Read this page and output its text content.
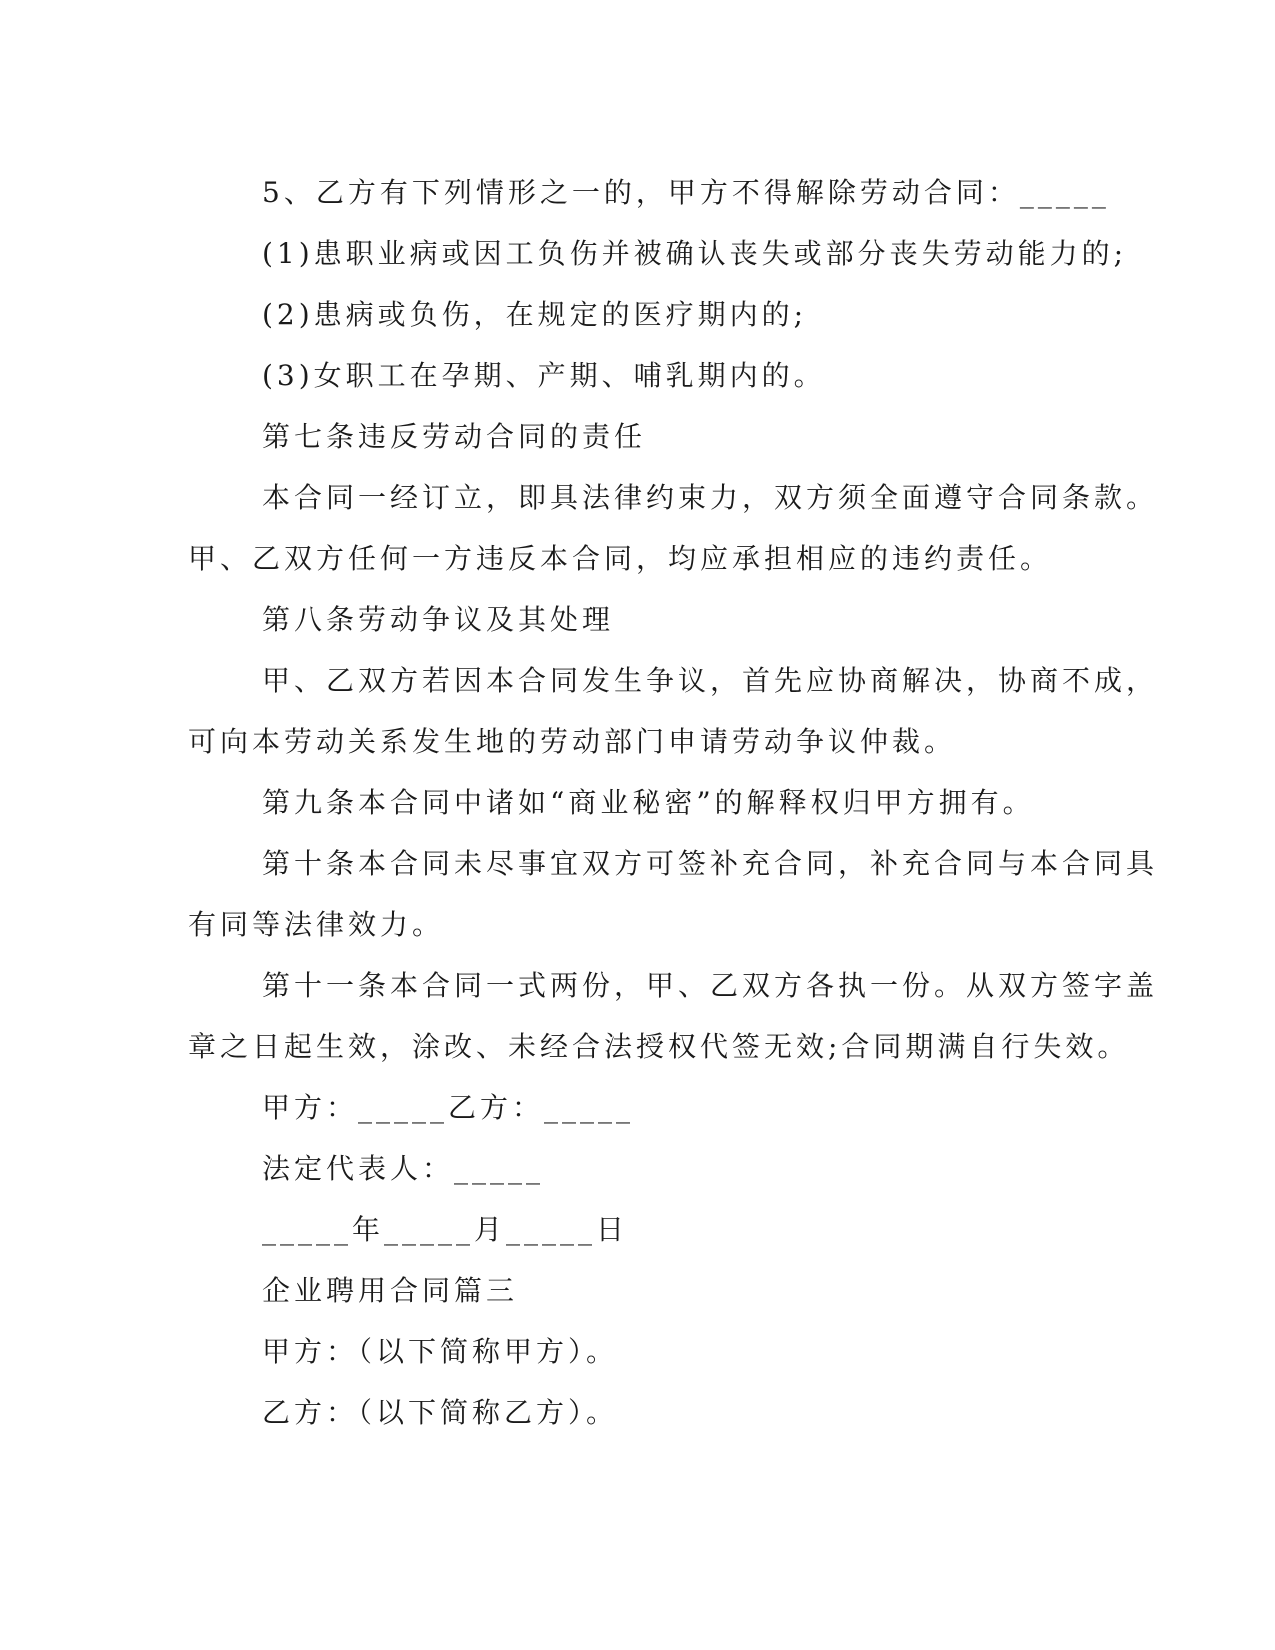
5、乙方有下列情形之一的，甲方不得解除劳动合同：_____

(1)患职业病或因工负伤并被确认丧失或部分丧失劳动能力的;

(2)患病或负伤，在规定的医疗期内的;

(3)女职工在孕期、产期、哺乳期内的。

第七条违反劳动合同的责任

本合同一经订立，即具法律约束力，双方须全面遵守合同条款。

甲、乙双方任何一方违反本合同，均应承担相应的违约责任。

第八条劳动争议及其处理

甲、乙双方若因本合同发生争议，首先应协商解决，协商不成，

可向本劳动关系发生地的劳动部门申请劳动争议仲裁。

第九条本合同中诸如“商业秘密”的解释权归甲方拥有。

第十条本合同未尽事宜双方可签补充合同，补充合同与本合同具

有同等法律效力。

第十一条本合同一式两份，甲、乙双方各执一份。从双方签字盖

章之日起生效，涂改、未经合法授权代签无效;合同期满自行失效。

甲方：_____乙方：_____

法定代表人：_____

_____年_____月_____日

企业聘用合同篇三

甲方：（以下简称甲方）。

乙方：（以下简称乙方）。
